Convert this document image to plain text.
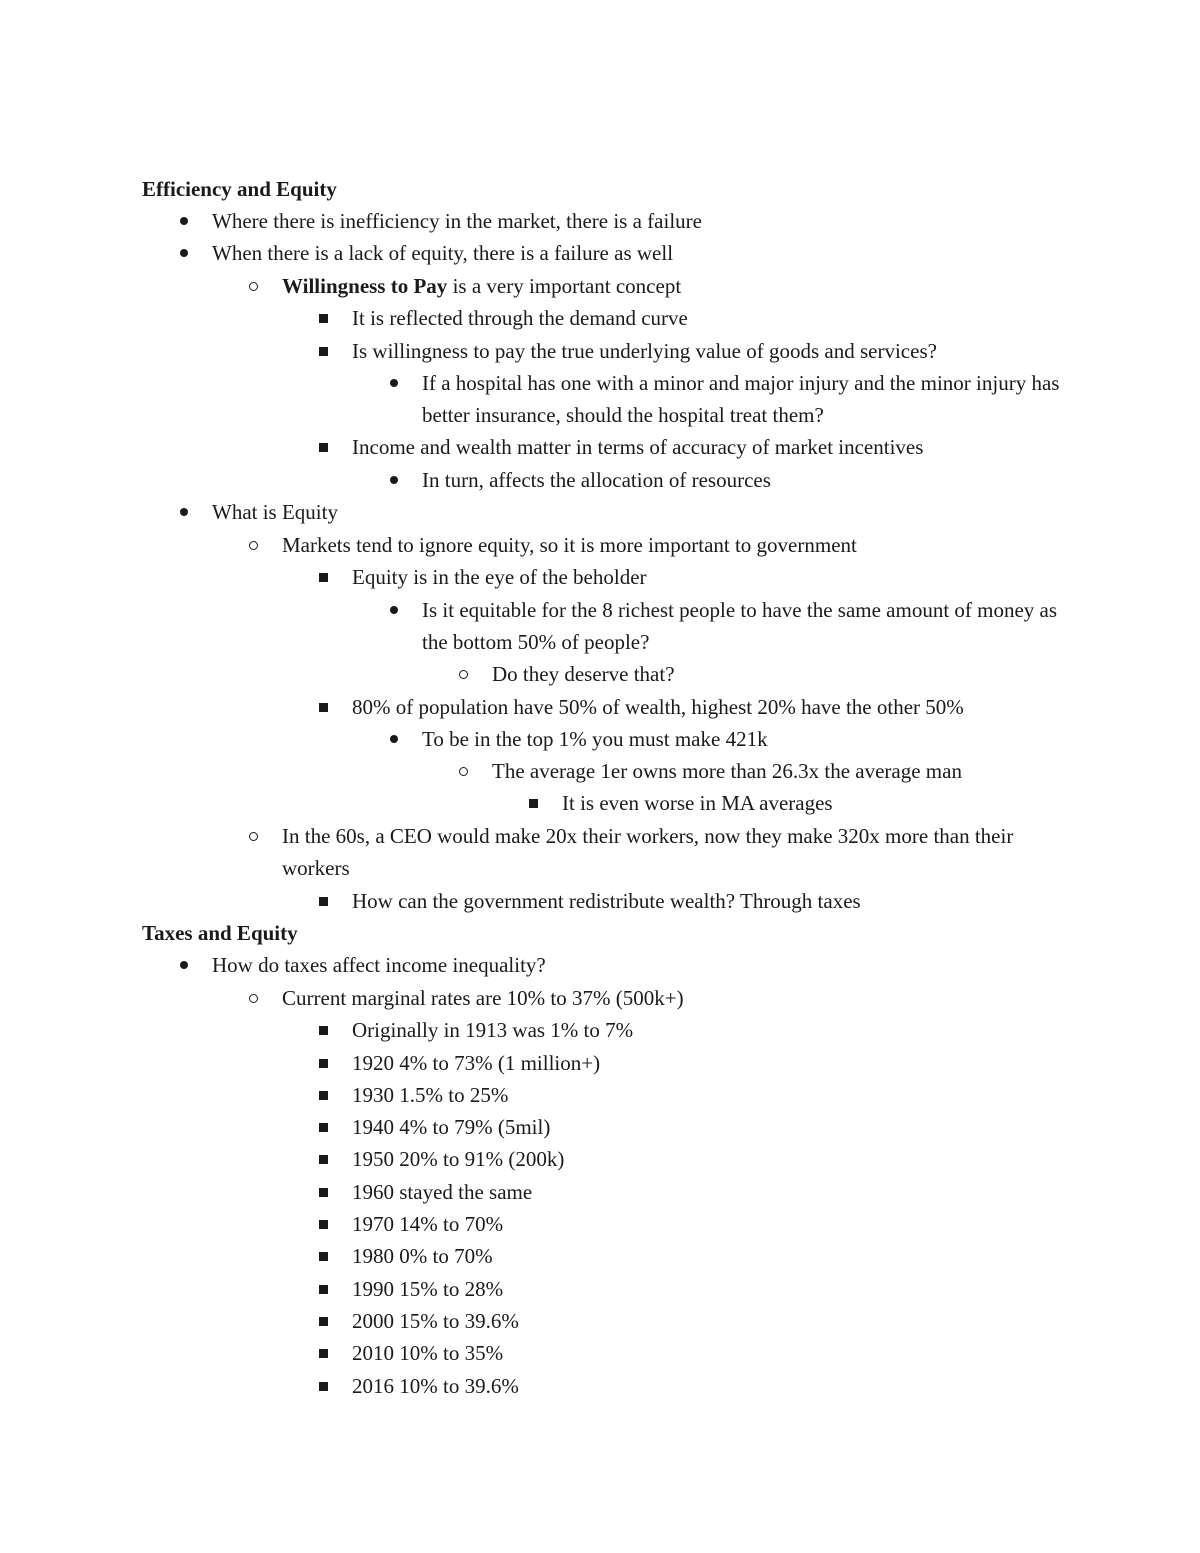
Efficiency and Equity
Where there is inefficiency in the market, there is a failure
When there is a lack of equity, there is a failure as well
Willingness to Pay is a very important concept
It is reflected through the demand curve
Is willingness to pay the true underlying value of goods and services?
If a hospital has one with a minor and major injury and the minor injury has better insurance, should the hospital treat them?
Income and wealth matter in terms of accuracy of market incentives
In turn, affects the allocation of resources
What is Equity
Markets tend to ignore equity, so it is more important to government
Equity is in the eye of the beholder
Is it equitable for the 8 richest people to have the same amount of money as the bottom 50% of people?
Do they deserve that?
80% of population have 50% of wealth, highest 20% have the other 50%
To be in the top 1% you must make 421k
The average 1er owns more than 26.3x the average man
It is even worse in MA averages
In the 60s, a CEO would make 20x their workers, now they make 320x more than their workers
How can the government redistribute wealth? Through taxes
Taxes and Equity
How do taxes affect income inequality?
Current marginal rates are 10% to 37% (500k+)
Originally in 1913 was 1% to 7%
1920 4% to 73% (1 million+)
1930 1.5% to 25%
1940 4% to 79% (5mil)
1950 20% to 91% (200k)
1960 stayed the same
1970 14% to 70%
1980 0% to 70%
1990 15% to 28%
2000 15% to 39.6%
2010 10% to 35%
2016 10% to 39.6%
